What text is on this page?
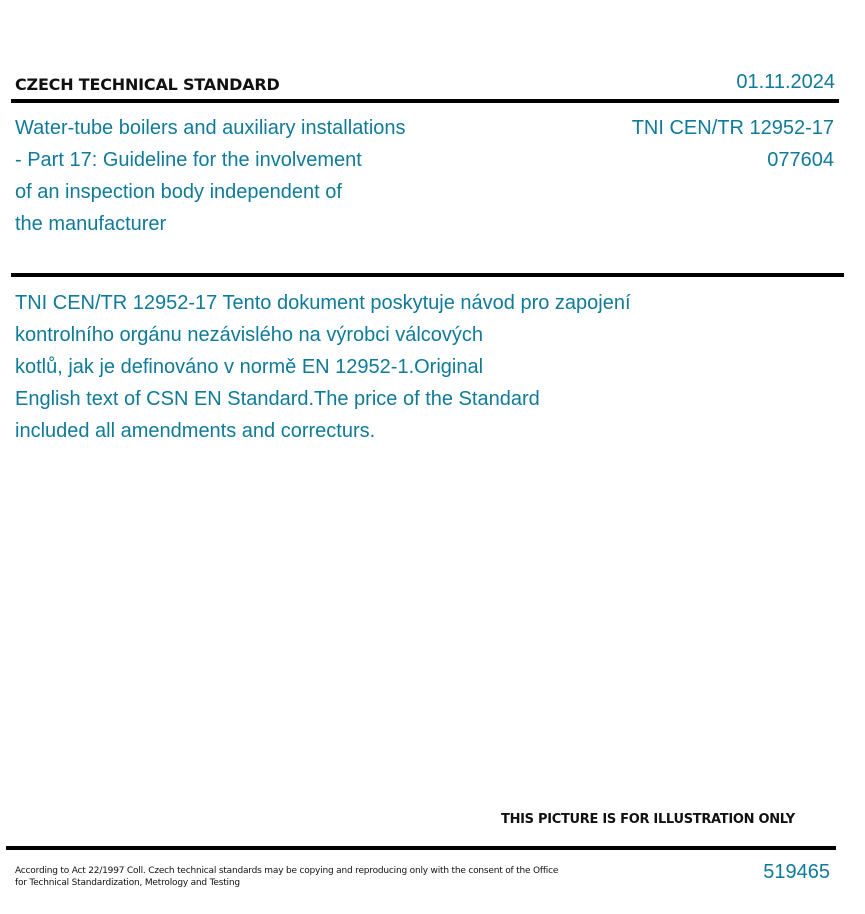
CZECH TECHNICAL STANDARD	01.11.2024
Water-tube boilers and auxiliary installations
- Part 17: Guideline for the involvement
of an inspection body independent of
the manufacturer
TNI CEN/TR 12952-17
077604
TNI CEN/TR 12952-17 Tento dokument poskytuje návod pro zapojení
kontrolního orgánu nezávislého na výrobci válcových
kotlů, jak je definováno v normě EN 12952-1.Original
English text of CSN EN Standard.The price of the Standard
included all amendments and correcturs.
THIS PICTURE IS FOR ILLUSTRATION ONLY
According to Act 22/1997 Coll. Czech technical standards may be copying and reproducing only with the consent of the Office
for Technical Standardization, Metrology and Testing	519465
